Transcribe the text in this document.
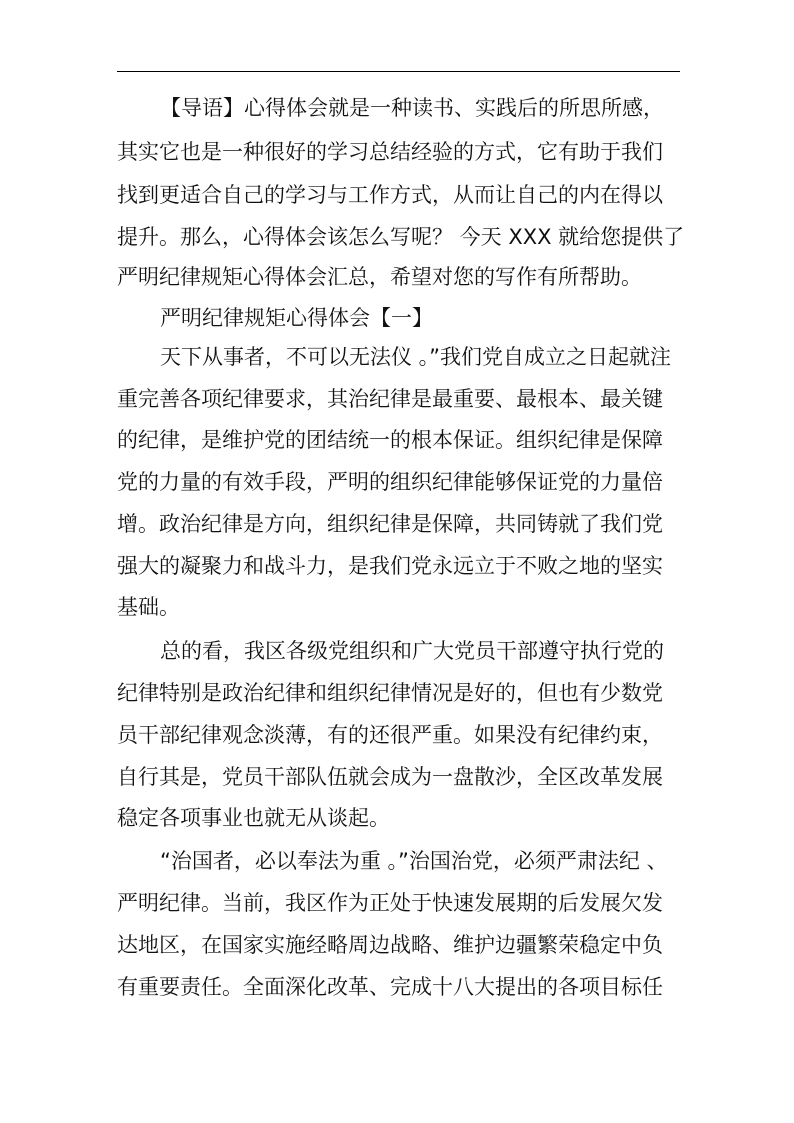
【导语】心得体会就是一种读书、实践后的所思所感，

其实它也是一种很好的学习总结经验的方式，它有助于我们

找到更适合自己的学习与工作方式，从而让自己的内在得以

提升。那么，心得体会该怎么写呢？ 今天 XXX 就给您提供了

严明纪律规矩心得体会汇总，希望对您的写作有所帮助。

严明纪律规矩心得体会【一】

天下从事者，不可以无法仪 。”我们党自成立之日起就注

重完善各项纪律要求，其治纪律是最重要、最根本、最关键

的纪律，是维护党的团结统一的根本保证。组织纪律是保障

党的力量的有效手段，严明的组织纪律能够保证党的力量倍

增。政治纪律是方向，组织纪律是保障，共同铸就了我们党

强大的凝聚力和战斗力，是我们党永远立于不败之地的坚实

基础。

总的看，我区各级党组织和广大党员干部遵守执行党的

纪律特别是政治纪律和组织纪律情况是好的，但也有少数党

员干部纪律观念淡薄，有的还很严重。如果没有纪律约束，

自行其是，党员干部队伍就会成为一盘散沙，全区改革发展

稳定各项事业也就无从谈起。

“治国者，必以奉法为重 。”治国治党，必须严肃法纪 、

严明纪律。当前，我区作为正处于快速发展期的后发展欠发

达地区，在国家实施经略周边战略、维护边疆繁荣稳定中负

有重要责任。全面深化改革、完成十八大提出的各项目标任
